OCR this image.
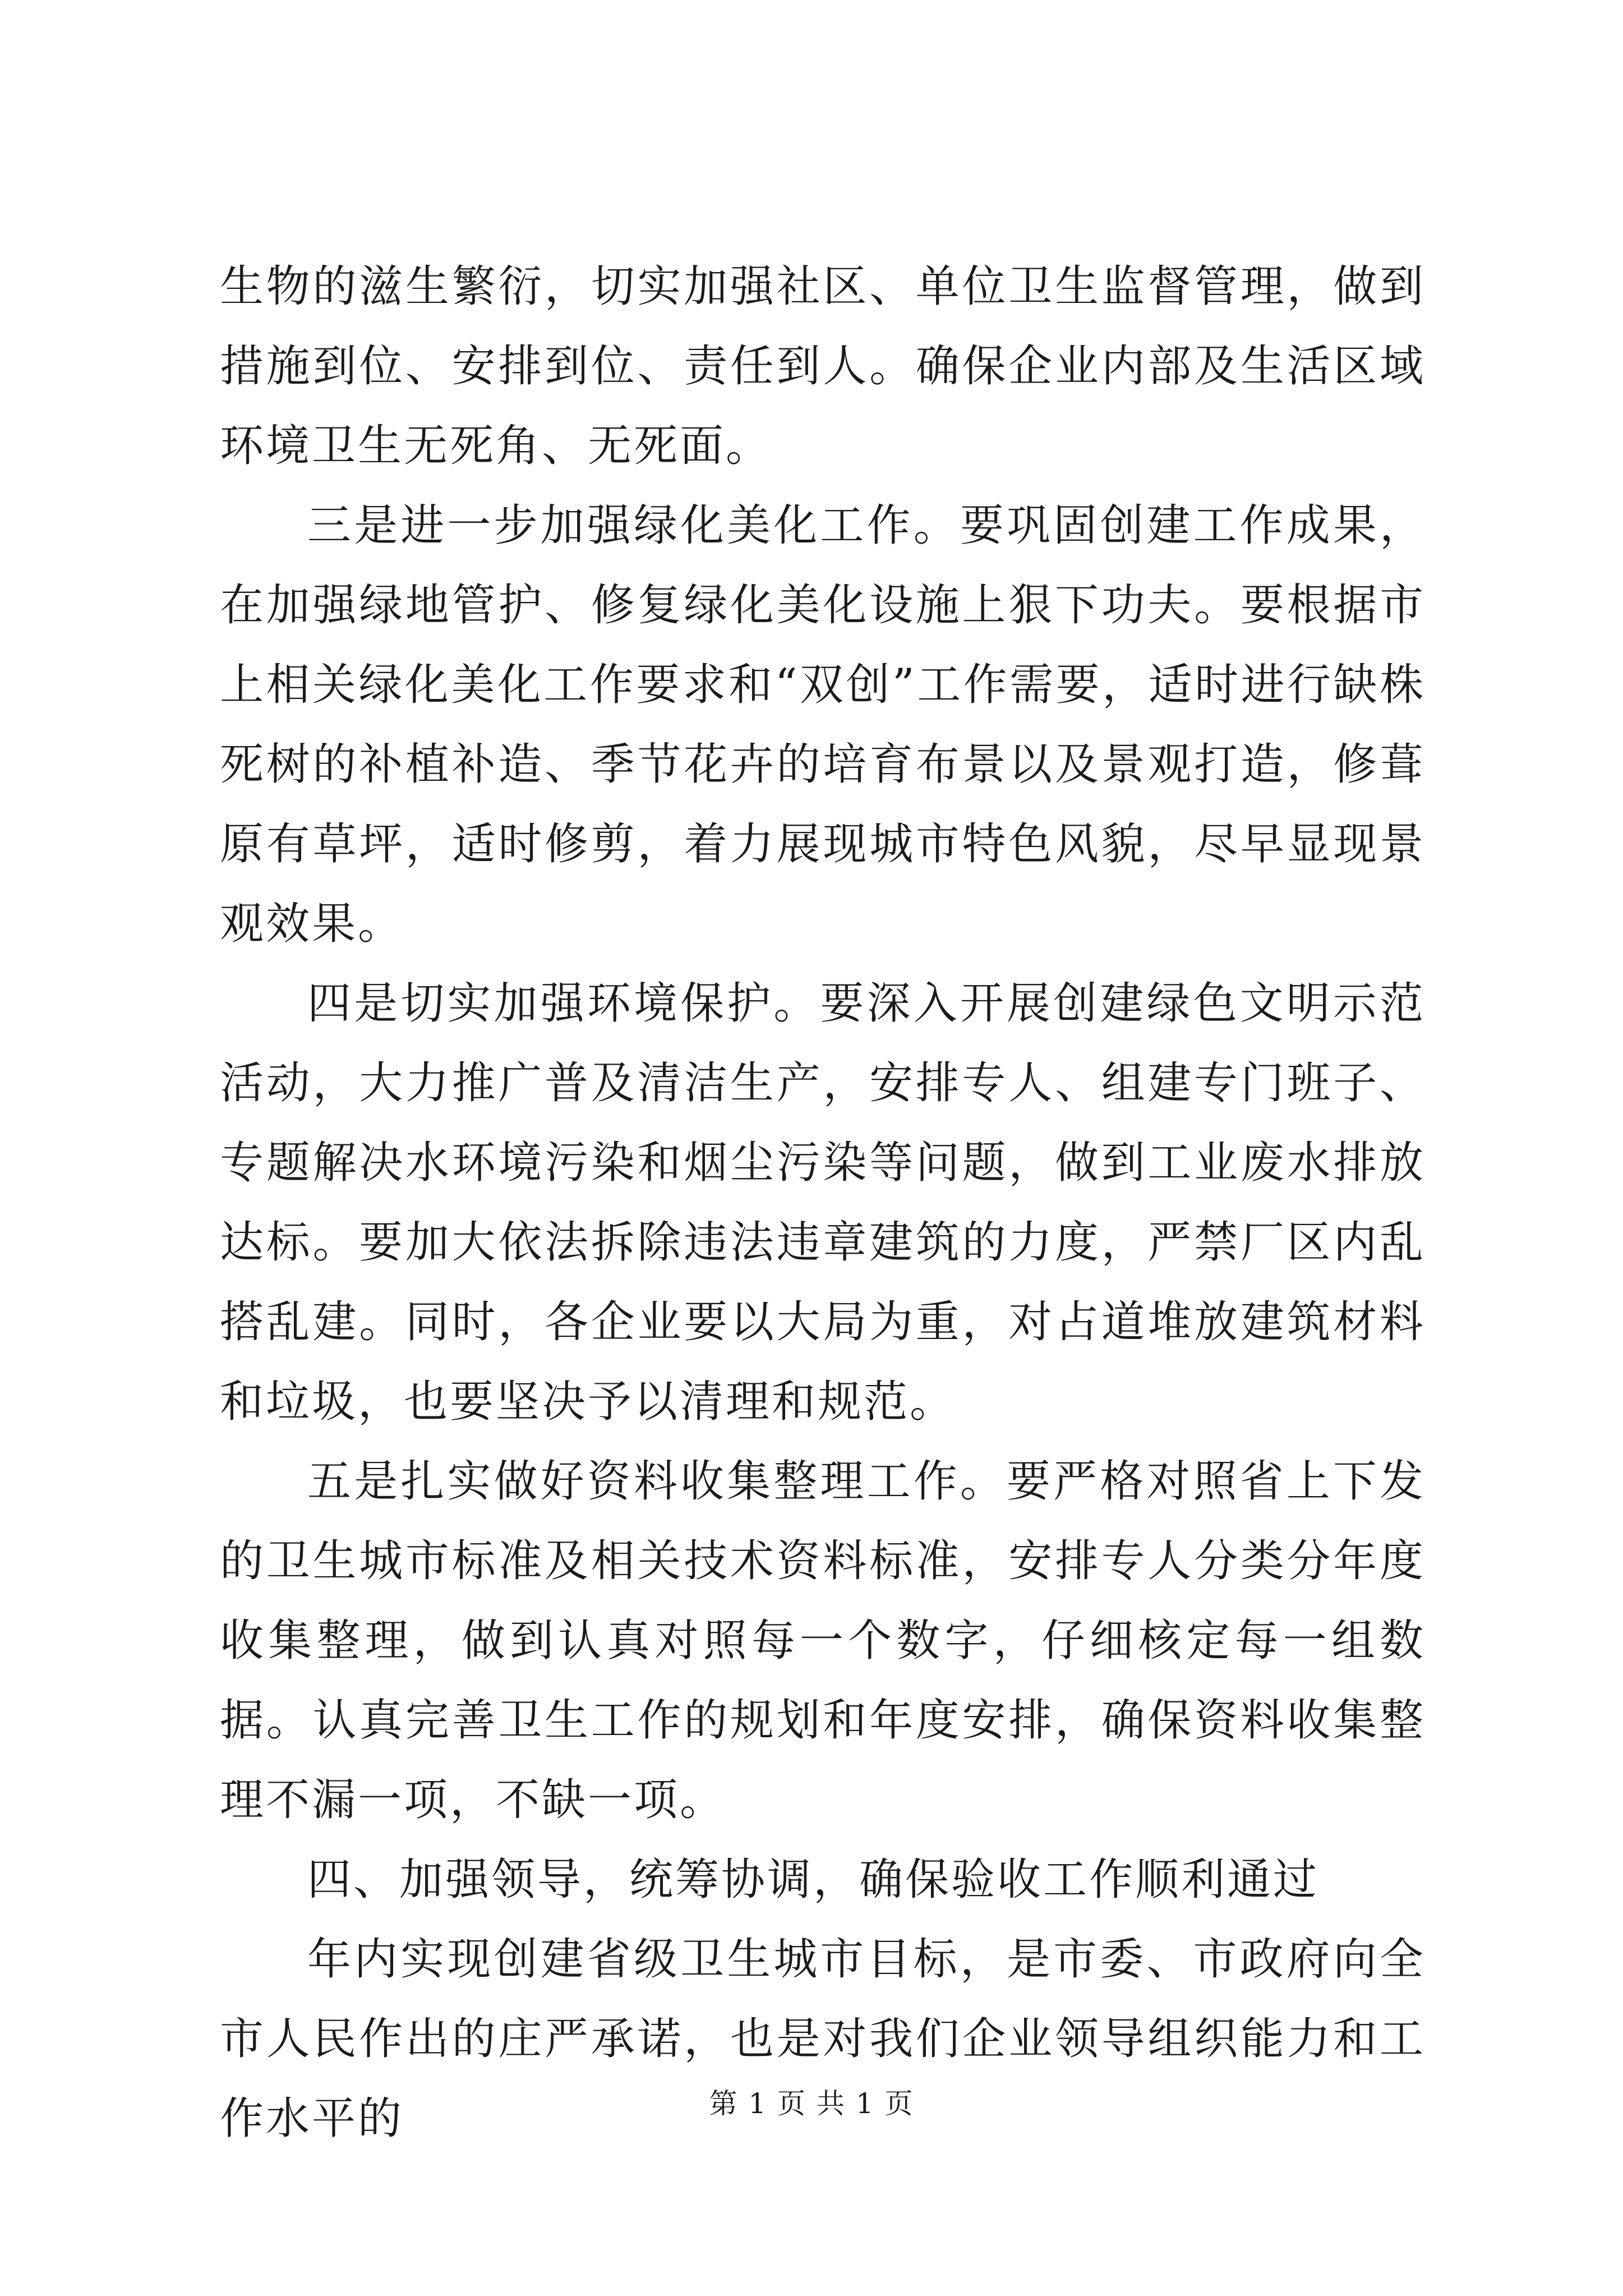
生物的滋生繁衍，切实加强社区、单位卫生监督管理，做到措施到位、安排到位、责任到人。确保企业内部及生活区域环境卫生无死角、无死面。

三是进一步加强绿化美化工作。要巩固创建工作成果，在加强绿地管护、修复绿化美化设施上狠下功夫。要根据市上相关绿化美化工作要求和“双创”工作需要，适时进行缺株死树的补植补造、季节花卉的培育布景以及景观打造，修葺原有草坪，适时修剪，着力展现城市特色风貌，尽早显现景观效果。

四是切实加强环境保护。要深入开展创建绿色文明示范活动，大力推广普及清洁生产，安排专人、组建专门班子、专题解决水环境污染和烟尘污染等问题，做到工业废水排放达标。要加大依法拆除违法违章建筑的力度，严禁厂区内乱搭乱建。同时，各企业要以大局为重，对占道堆放建筑材料和垃圾，也要坚决予以清理和规范。

五是扎实做好资料收集整理工作。要严格对照省上下发的卫生城市标准及相关技术资料标准，安排专人分类分年度收集整理，做到认真对照每一个数字，仔细核定每一组数据。认真完善卫生工作的规划和年度安排，确保资料收集整理不漏一项，不缺一项。

四、加强领导，统筹协调，确保验收工作顺利通过

年内实现创建省级卫生城市目标，是市委、市政府向全市人民作出的庄严承诺，也是对我们企业领导组织能力和工作水平的	第 1 页 共 1 页
